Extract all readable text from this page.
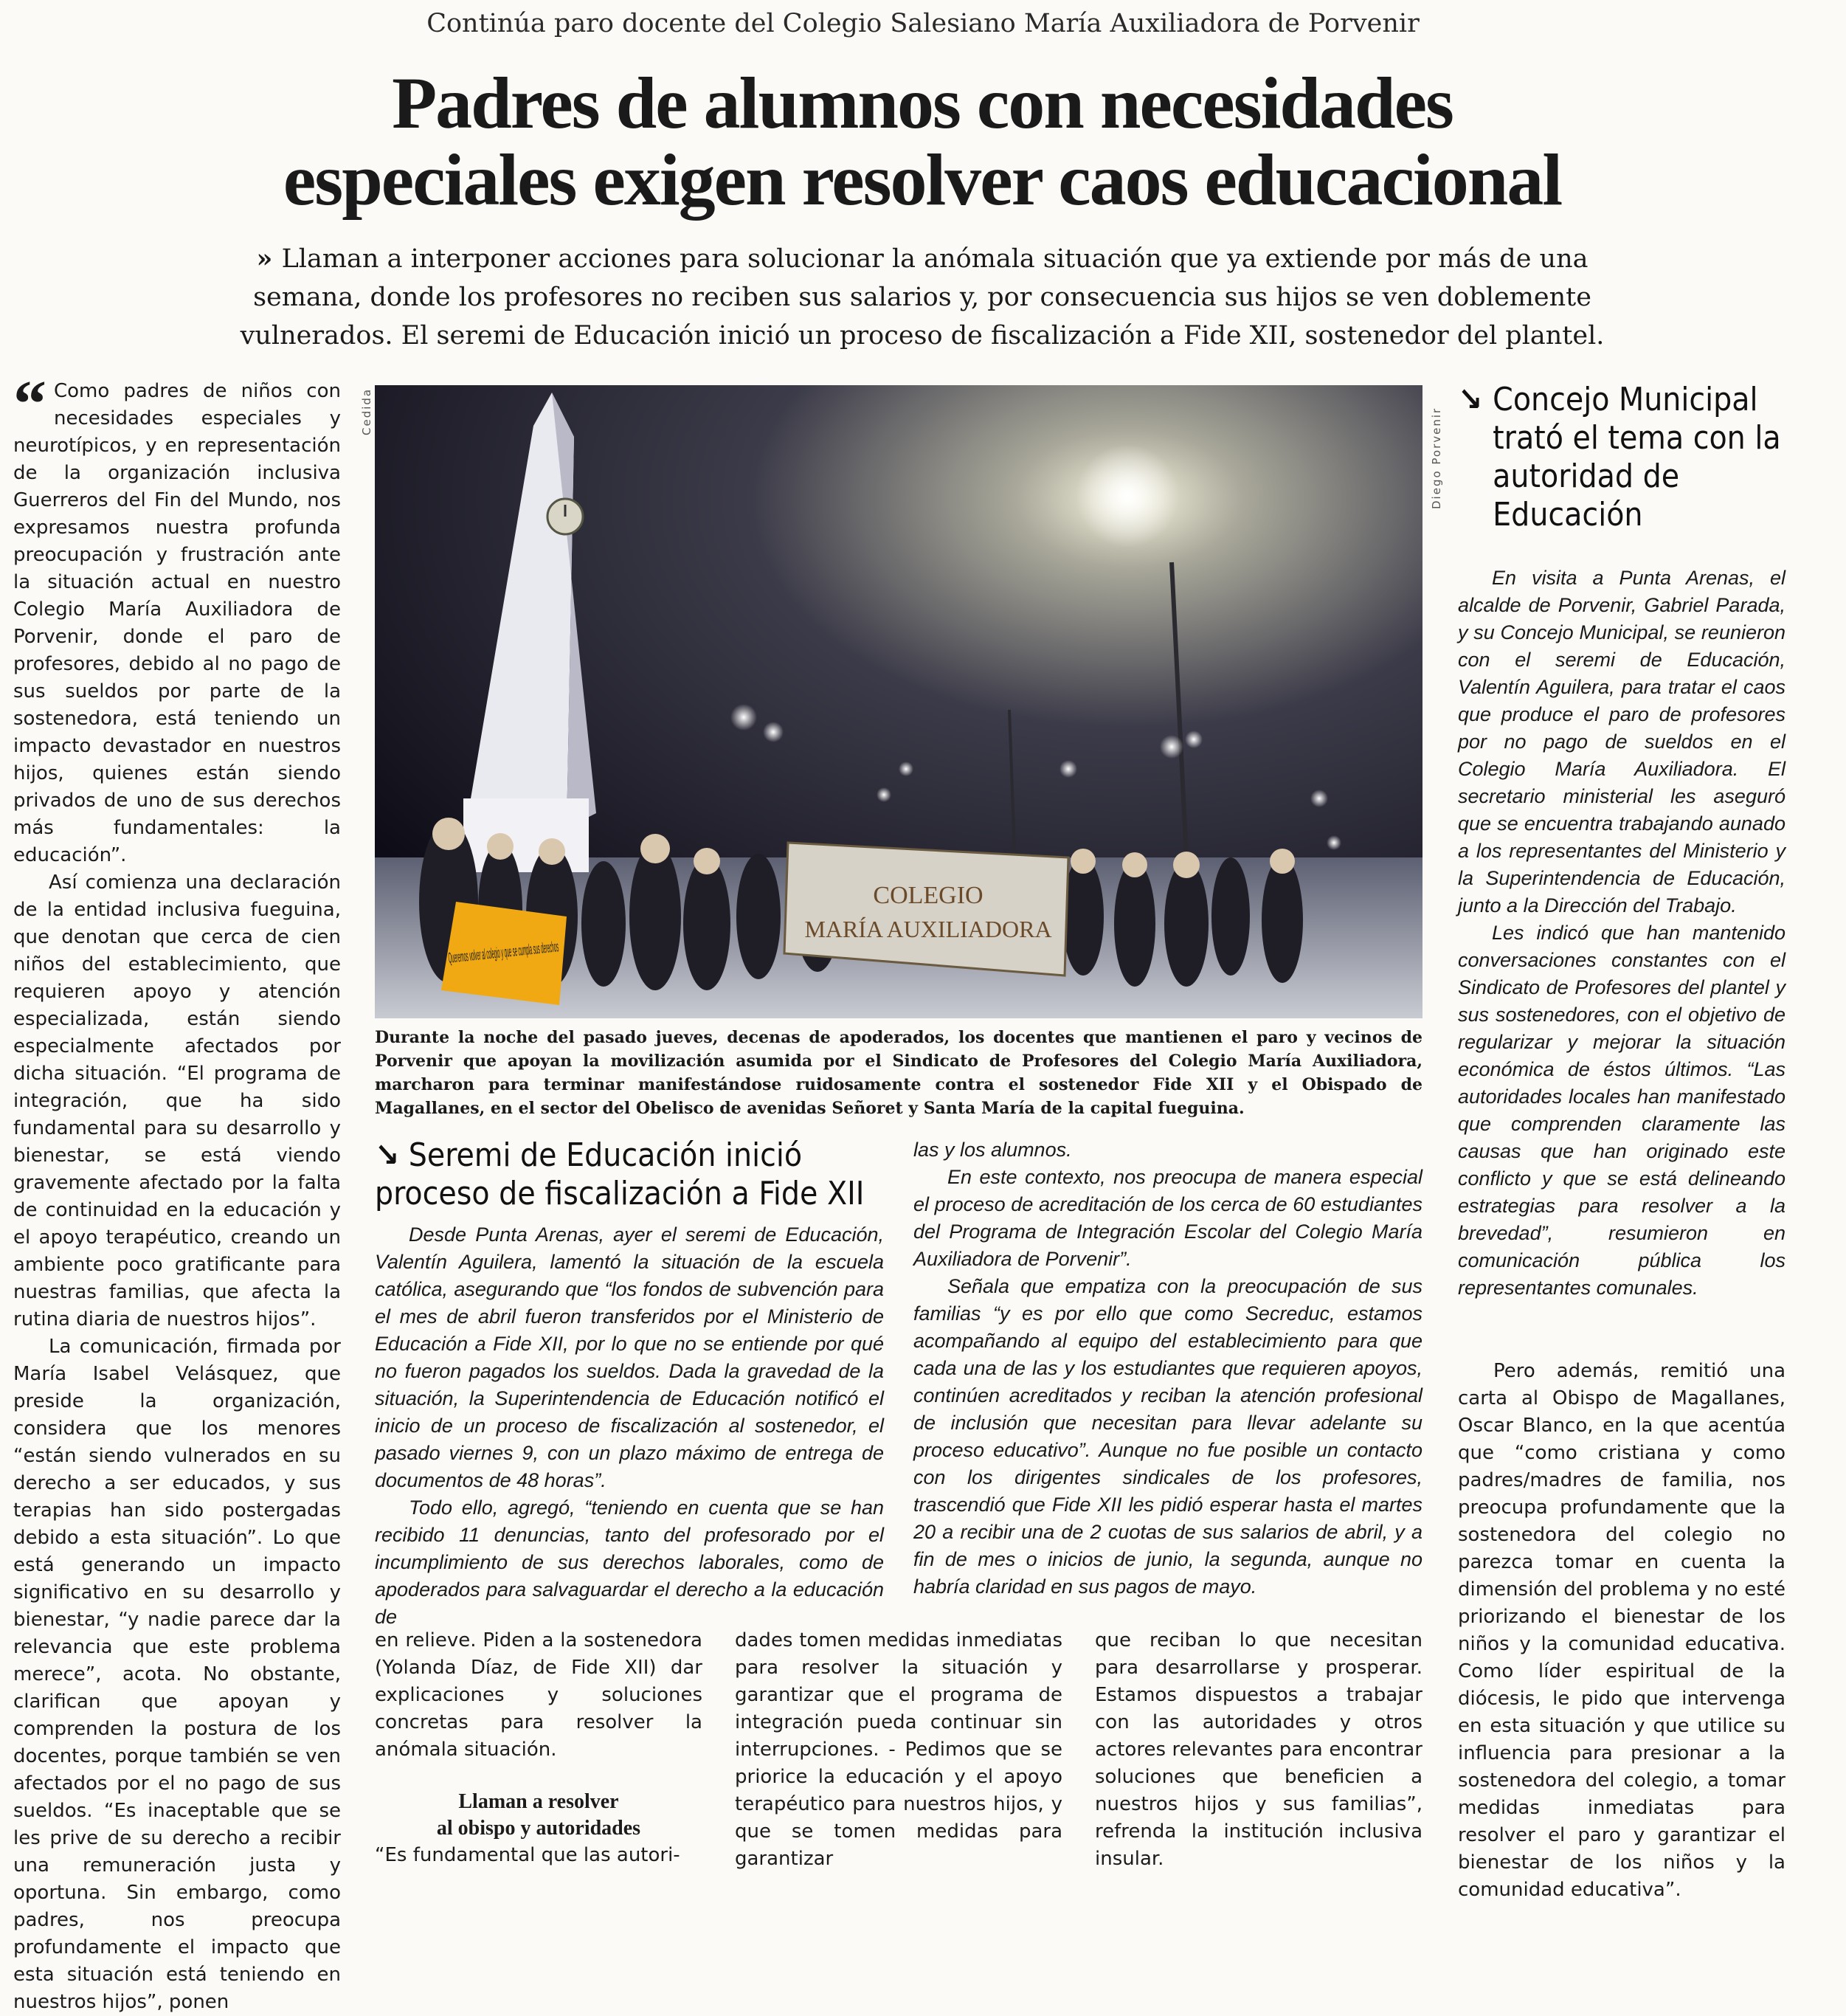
Continúa paro docente del Colegio Salesiano María Auxiliadora de Porvenir
Padres de alumnos con necesidades
especiales exigen resolver caos educacional
» Llaman a interponer acciones para solucionar la anómala situación que ya extiende por más de una semana, donde los profesores no reciben sus salarios y, por consecuencia sus hijos se ven doblemente vulnerados. El seremi de Educación inició un proceso de fiscalización a Fide XII, sostenedor del plantel.
“ Como padres de niños con necesidades especiales y neurotípicos, y en representación de la organización inclusiva Guerreros del Fin del Mundo, nos expresamos nuestra profunda preocupación y frustración ante la situación actual en nuestro Colegio María Auxiliadora de Porvenir, donde el paro de profesores, debido al no pago de sus sueldos por parte de la sostenedora, está teniendo un impacto devastador en nuestros hijos, quienes están siendo privados de uno de sus derechos más fundamentales: la educación”.

Así comienza una declaración de la entidad inclusiva fueguina, que denotan que cerca de cien niños del establecimiento, que requieren apoyo y atención especializada, están siendo especialmente afectados por dicha situación. “El programa de integración, que ha sido fundamental para su desarrollo y bienestar, se está viendo gravemente afectado por la falta de continuidad en la educación y el apoyo terapéutico, creando un ambiente poco gratificante para nuestras familias, que afecta la rutina diaria de nuestros hijos”.

La comunicación, firmada por María Isabel Velásquez, que preside la organización, considera que los menores “están siendo vulnerados en su derecho a ser educados, y sus terapias han sido postergadas debido a esta situación”. Lo que está generando un impacto significativo en su desarrollo y bienestar, “y nadie parece dar la relevancia que este problema merece”, acota. No obstante, clarifican que apoyan y comprenden la postura de los docentes, porque también se ven afectados por el no pago de sus sueldos. “Es inaceptable que se les prive de su derecho a recibir una remuneración justa y oportuna. Sin embargo, como padres, nos preocupa profundamente el impacto que esta situación está teniendo en nuestros hijos”, ponen

Cedida	Diego Porvenir
COLEGIO
MARÍA AUXILIADORA
Durante la noche del pasado jueves, decenas de apoderados, los docentes que mantienen el paro y vecinos de Porvenir que apoyan la movilización asumida por el Sindicato de Profesores del Colegio María Auxiliadora, marcharon para terminar manifestándose ruidosamente contra el sostenedor Fide XII y el Obispado de Magallanes, en el sector del Obelisco de avenidas Señoret y Santa María de la capital fueguina.
↘ Seremi de Educación inició proceso de fiscalización a Fide XII

Desde Punta Arenas, ayer el seremi de Educación, Valentín Aguilera, lamentó la situación de la escuela católica, asegurando que “los fondos de subvención para el mes de abril fueron transferidos por el Ministerio de Educación a Fide XII, por lo que no se entiende por qué no fueron pagados los sueldos. Dada la gravedad de la situación, la Superintendencia de Educación notificó el inicio de un proceso de fiscalización al sostenedor, el pasado viernes 9, con un plazo máximo de entrega de documentos de 48 horas”.

Todo ello, agregó, “teniendo en cuenta que se han recibido 11 denuncias, tanto del profesorado por el incumplimiento de sus derechos laborales, como de apoderados para salvaguardar el derecho a la educación de

las y los alumnos.

En este contexto, nos preocupa de manera especial el proceso de acreditación de los cerca de 60 estudiantes del Programa de Integración Escolar del Colegio María Auxiliadora de Porvenir”.

Señala que empatiza con la preocupación de sus familias “y es por ello que como Secreduc, estamos acompañando al equipo del establecimiento para que cada una de las y los estudiantes que requieren apoyos, continúen acreditados y reciban la atención profesional de inclusión que necesitan para llevar adelante su proceso educativo”. Aunque no fue posible un contacto con los dirigentes sindicales de los profesores, trascendió que Fide XII les pidió esperar hasta el martes 20 a recibir una de 2 cuotas de sus salarios de abril, y a fin de mes o inicios de junio, la segunda, aunque no habría claridad en sus pagos de mayo.

↘ Concejo Municipal trató el tema con la autoridad de Educación

En visita a Punta Arenas, el alcalde de Porvenir, Gabriel Parada, y su Concejo Municipal, se reunieron con el seremi de Educación, Valentín Aguilera, para tratar el caos que produce el paro de profesores por no pago de sueldos en el Colegio María Auxiliadora. El secretario ministerial les aseguró que se encuentra trabajando aunado a los representantes del Ministerio y la Superintendencia de Educación, junto a la Dirección del Trabajo.

Les indicó que han mantenido conversaciones constantes con el Sindicato de Profesores del plantel y sus sostenedores, con el objetivo de regularizar y mejorar la situación económica de éstos últimos. “Las autoridades locales han manifestado que comprenden claramente las causas que han originado este conflicto y que se está delineando estrategias para resolver a la brevedad”, resumieron en comunicación pública los representantes comunales.

Pero además, remitió una carta al Obispo de Magallanes, Oscar Blanco, en la que acentúa que “como cristiana y como padres/madres de familia, nos preocupa profundamente que la sostenedora del colegio no parezca tomar en cuenta la dimensión del problema y no esté priorizando el bienestar de los niños y la comunidad educativa. Como líder espiritual de la diócesis, le pido que intervenga en esta situación y que utilice su influencia para presionar a la sostenedora del colegio, a tomar medidas inmediatas para resolver el paro y garantizar el bienestar de los niños y la comunidad educativa”.

en relieve. Piden a la sostenedora (Yolanda Díaz, de Fide XII) dar explicaciones y soluciones concretas para resolver la anómala situación.

Llaman a resolver
al obispo y autoridades

“Es fundamental que las autori-

dades tomen medidas inmediatas para resolver la situación y garantizar que el programa de integración pueda continuar sin interrupciones. - Pedimos que se priorice la educación y el apoyo terapéutico para nuestros hijos, y que se tomen medidas para garantizar

que reciban lo que necesitan para desarrollarse y prosperar. Estamos dispuestos a trabajar con las autoridades y otros actores relevantes para encontrar soluciones que beneficien a nuestros hijos y sus familias”, refrenda la institución inclusiva insular.
